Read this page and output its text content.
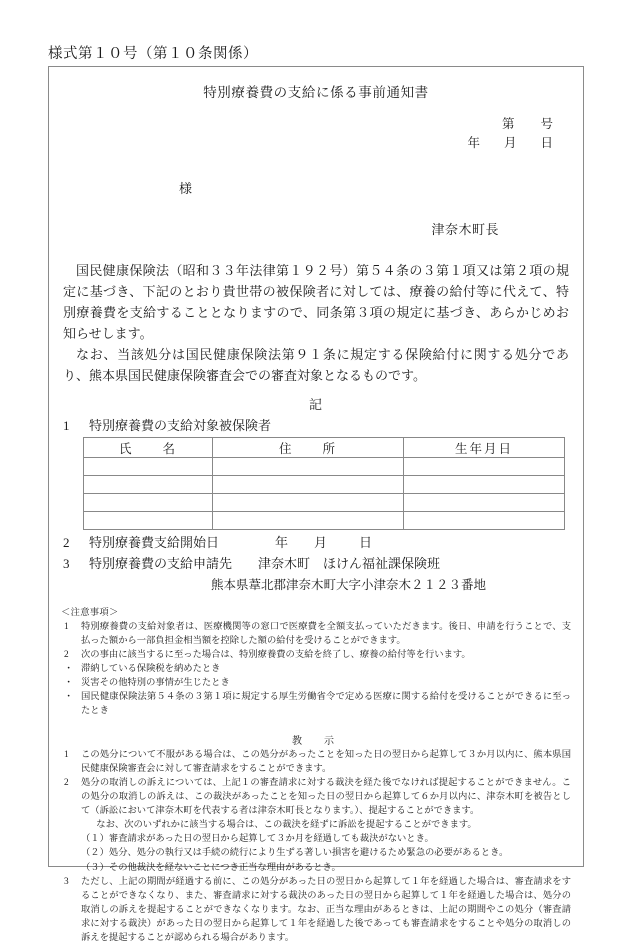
様式第１０号（第１０条関係）
特別療養費の支給に係る事前通知書
第 号
年 月 日
様
津奈木町長
国民健康保険法（昭和３３年法律第１９２号）第５４条の３第１項又は第２項の規定に基づき、下記のとおり貴世帯の被保険者に対しては、療養の給付等に代えて、特別療養費を支給することとなりますので、同条第３項の規定に基づき、あらかじめお知らせします。
なお、当該処分は国民健康保険法第９１条に規定する保険給付に関する処分であり、熊本県国民健康保険審査会での審査対象となるものです。
記
1 特別療養費の支給対象被保険者
氏　　名	住　　所	生年月日

2 特別療養費支給開始日	年 月 日
3 特別療養費の支給申請先 津奈木町　ほけん福祉課保険班
熊本県葦北郡津奈木町大字小津奈木２１２３番地
＜注意事項＞
1	特別療養費の支給対象者は、医療機関等の窓口で医療費を全額支払っていただきます。後日、申請を行うことで、支払った額から一部負担金相当額を控除した額の給付を受けることができます。
2	次の事由に該当するに至った場合は、特別療養費の支給を終了し、療養の給付等を行います。
・ 滞納している保険税を納めたとき
・ 災害その他特別の事情が生じたとき
・ 国民健康保険法第５４条の３第１項に規定する厚生労働省令で定める医療に関する給付を受けることができるに至ったとき
教　示
1	この処分について不服がある場合は、この処分があったことを知った日の翌日から起算して３か月以内に、熊本県国民健康保険審査会に対して審査請求をすることができます。
2	処分の取消しの訴えについては、上記１の審査請求に対する裁決を経た後でなければ提起することができません。この処分の取消しの訴えは、この裁決があったことを知った日の翌日から起算して６か月以内に、津奈木町を被告として（訴訟において津奈木町を代表する者は津奈木町長となります。）、提起することができます。
なお、次のいずれかに該当する場合は、この裁決を経ずに訴訟を提起することができます。
（１）審査請求があった日の翌日から起算して３か月を経過しても裁決がないとき。
（２）処分、処分の執行又は手続の続行により生ずる著しい損害を避けるため緊急の必要があるとき。
（３）その他裁決を経ないことにつき正当な理由があるとき。
3	ただし、上記の期間が経過する前に、この処分があった日の翌日から起算して１年を経過した場合は、審査請求をすることができなくなり、また、審査請求に対する裁決のあった日の翌日から起算して１年を経過した場合は、処分の取消しの訴えを提起することができなくなります。なお、正当な理由があるときは、上記の期間やこの処分（審査請求に対する裁決）があった日の翌日から起算して１年を経過した後であっても審査請求をすることや処分の取消しの訴えを提起することが認められる場合があります。
